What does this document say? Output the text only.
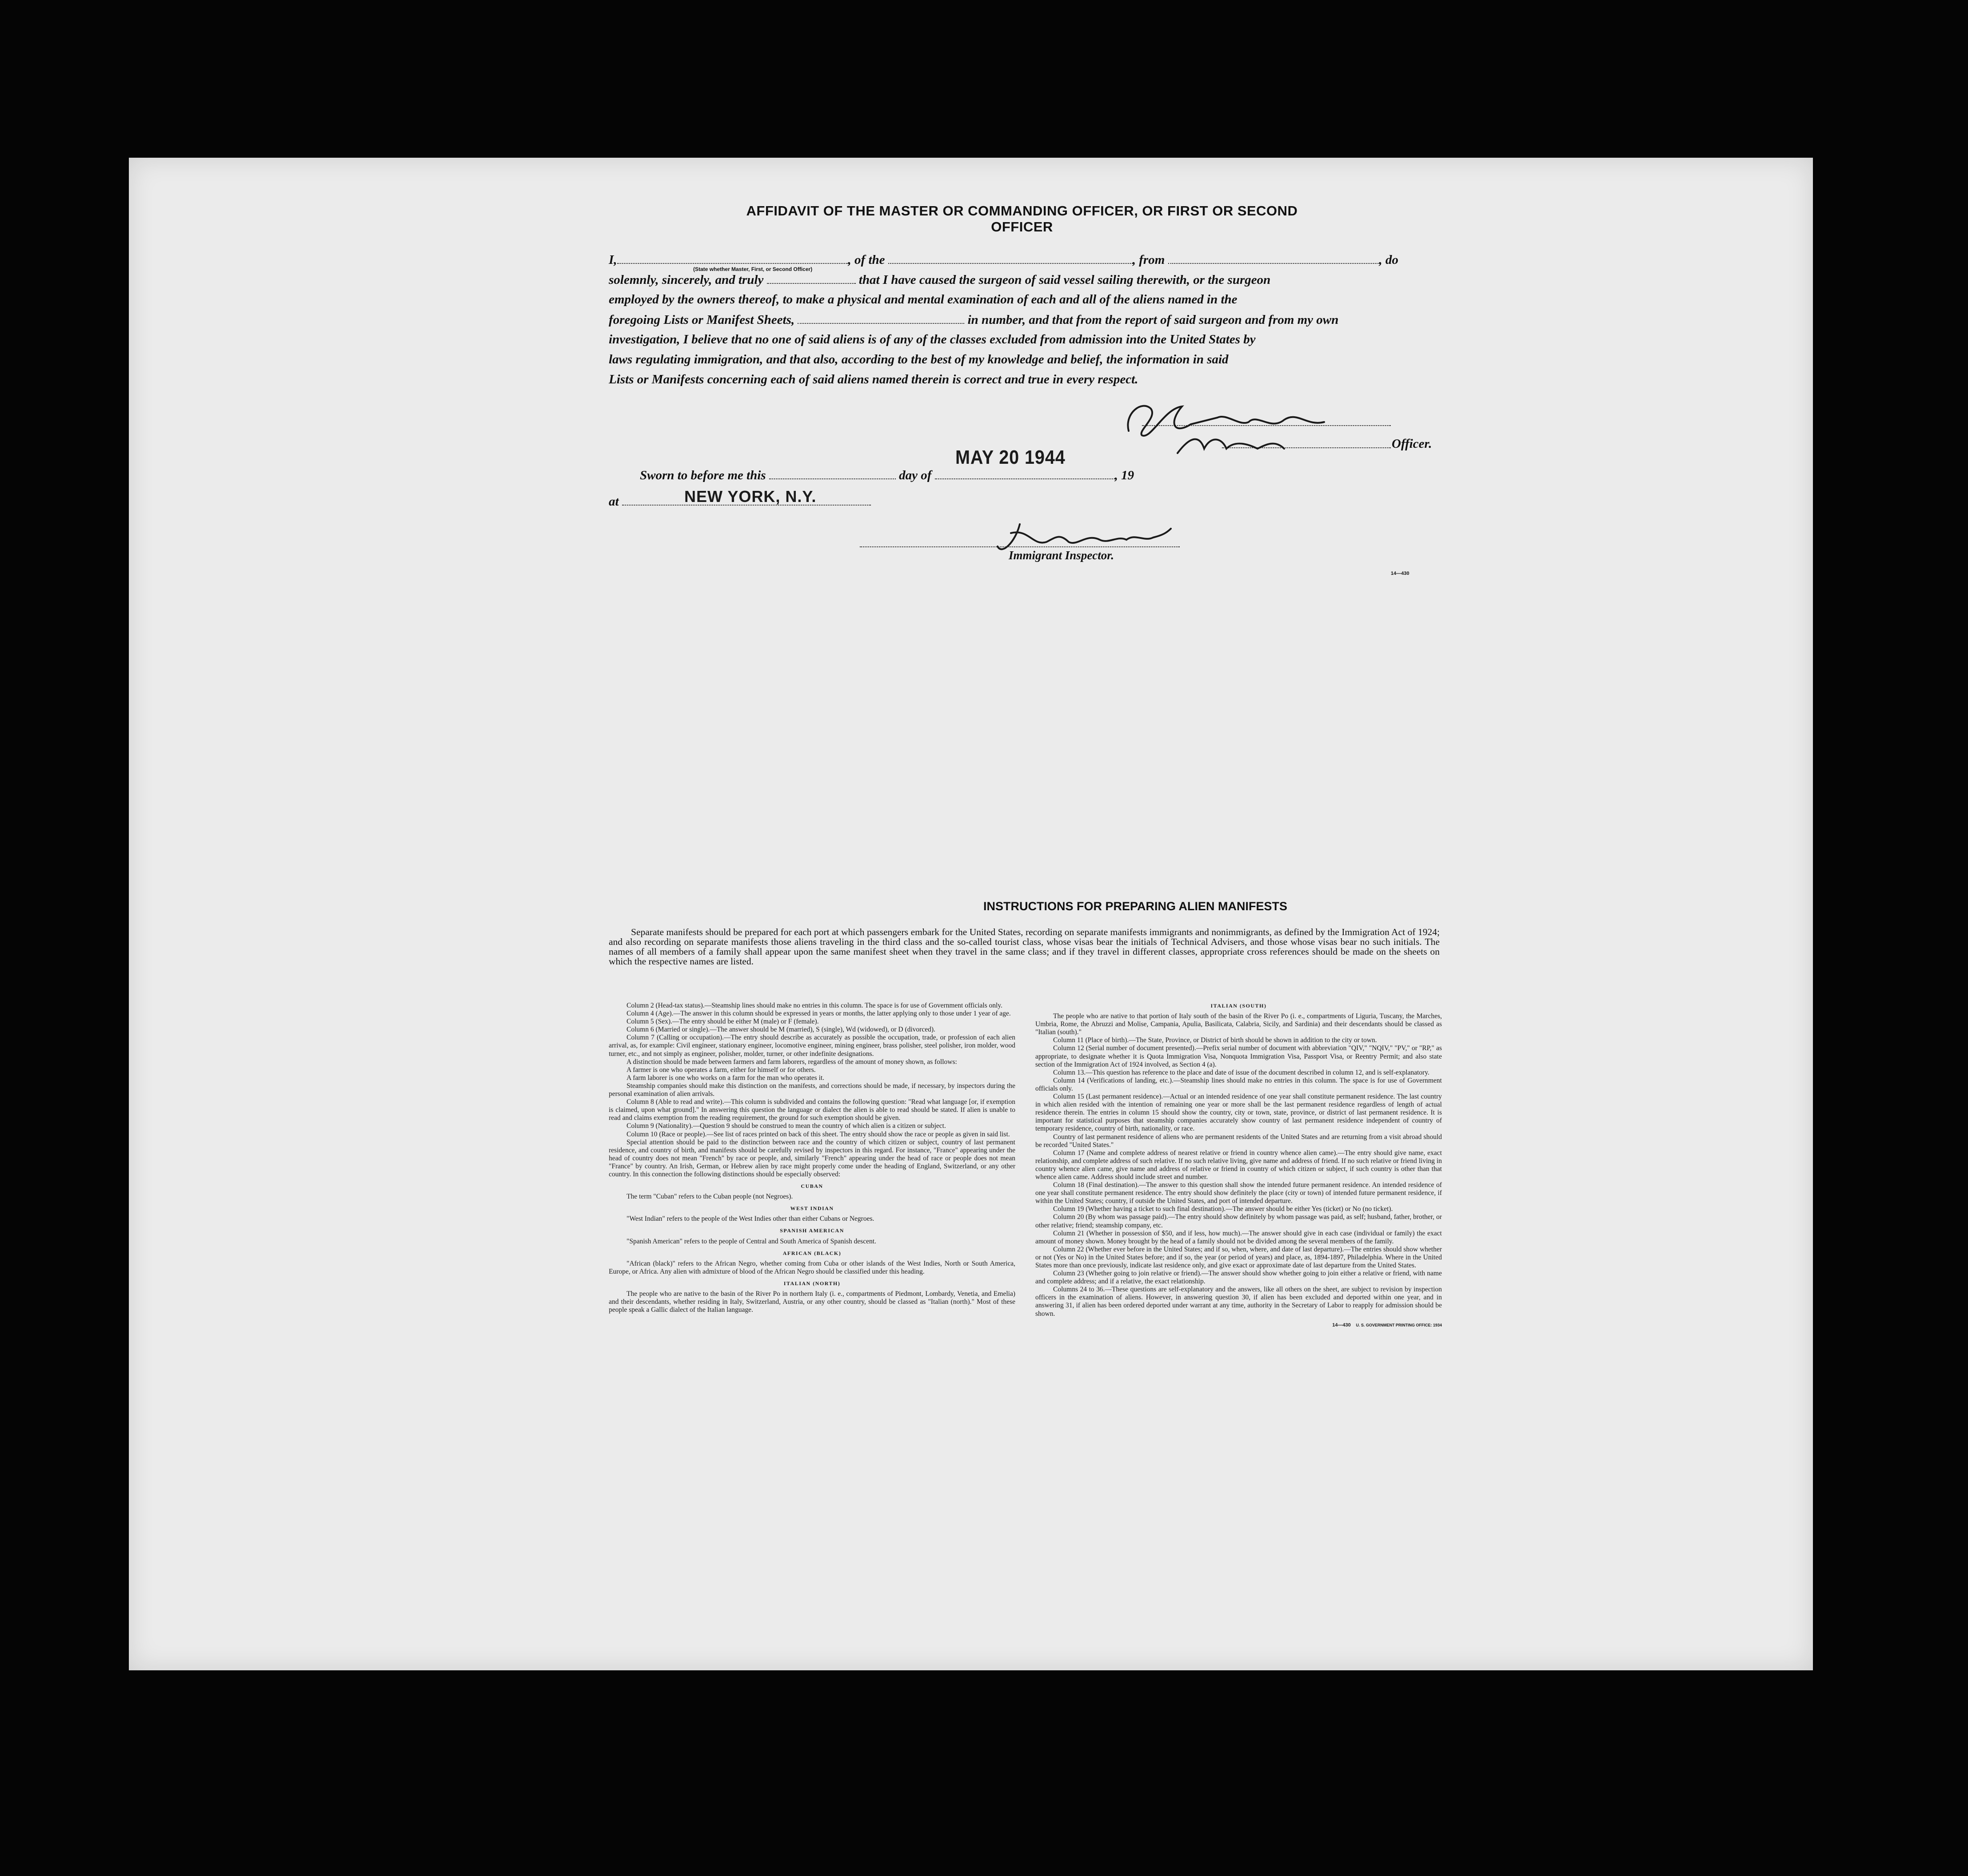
AFFIDAVIT OF THE MASTER OR COMMANDING OFFICER, OR FIRST OR SECOND OFFICER
I,	, of the	, from	, do
(State whether Master, First, or Second Officer)
solemnly, sincerely, and truly	that I have caused the surgeon of said vessel sailing therewith, or the surgeon
employed by the owners thereof, to make a physical and mental examination of each and all of the aliens named in the
foregoing Lists or Manifest Sheets,	in number, and that from the report of said surgeon and from my own
investigation, I believe that no one of said aliens is of any of the classes excluded from admission into the United States by
laws regulating immigration, and that also, according to the best of my knowledge and belief, the information in said
Lists or Manifests concerning each of said aliens named therein is correct and true in every respect.
Officer.
Sworn to before me this	day of	, 19
MAY 20 1944
at	NEW YORK, N.Y.
Immigrant Inspector.
14—430
INSTRUCTIONS FOR PREPARING ALIEN MANIFESTS
Separate manifests should be prepared for each port at which passengers embark for the United States, recording on separate manifests immigrants and nonimmigrants, as defined by the Immigration Act of 1924; and also recording on separate manifests those aliens traveling in the third class and the so-called tourist class, whose visas bear the initials of Technical Advisers, and those whose visas bear no such initials. The names of all members of a family shall appear upon the same manifest sheet when they travel in the same class; and if they travel in different classes, appropriate cross references should be made on the sheets on which the respective names are listed.

Column 2 (Head-tax status).—Steamship lines should make no entries in this column. The space is for use of Government officials only.

Column 4 (Age).—The answer in this column should be expressed in years or months, the latter applying only to those under 1 year of age.

Column 5 (Sex).—The entry should be either M (male) or F (female).

Column 6 (Married or single).—The answer should be M (married), S (single), Wd (widowed), or D (divorced).

Column 7 (Calling or occupation).—The entry should describe as accurately as possible the occupation, trade, or profession of each alien arrival, as, for example: Civil engineer, stationary engineer, locomotive engineer, mining engineer, brass polisher, steel polisher, iron molder, wood turner, etc., and not simply as engineer, polisher, molder, turner, or other indefinite designations.

A distinction should be made between farmers and farm laborers, regardless of the amount of money shown, as follows:

A farmer is one who operates a farm, either for himself or for others.

A farm laborer is one who works on a farm for the man who operates it.

Steamship companies should make this distinction on the manifests, and corrections should be made, if necessary, by inspectors during the personal examination of alien arrivals.

Column 8 (Able to read and write).—This column is subdivided and contains the following question: "Read what language [or, if exemption is claimed, upon what ground]." In answering this question the language or dialect the alien is able to read should be stated. If alien is unable to read and claims exemption from the reading requirement, the ground for such exemption should be given.

Column 9 (Nationality).—Question 9 should be construed to mean the country of which alien is a citizen or subject.

Column 10 (Race or people).—See list of races printed on back of this sheet. The entry should show the race or people as given in said list.

Special attention should be paid to the distinction between race and the country of which citizen or subject, country of last permanent residence, and country of birth, and manifests should be carefully revised by inspectors in this regard. For instance, "France" appearing under the head of country does not mean "French" by race or people, and, similarly "French" appearing under the head of race or people does not mean "France" by country. An Irish, German, or Hebrew alien by race might properly come under the heading of England, Switzerland, or any other country. In this connection the following distinctions should be especially observed:

CUBAN

The term "Cuban" refers to the Cuban people (not Negroes).

WEST INDIAN

"West Indian" refers to the people of the West Indies other than either Cubans or Negroes.

SPANISH AMERICAN

"Spanish American" refers to the people of Central and South America of Spanish descent.

AFRICAN (BLACK)

"African (black)" refers to the African Negro, whether coming from Cuba or other islands of the West Indies, North or South America, Europe, or Africa. Any alien with admixture of blood of the African Negro should be classified under this heading.

ITALIAN (NORTH)

The people who are native to the basin of the River Po in northern Italy (i. e., compartments of Piedmont, Lombardy, Venetia, and Emelia) and their descendants, whether residing in Italy, Switzerland, Austria, or any other country, should be classed as "Italian (north)." Most of these people speak a Gallic dialect of the Italian language.

ITALIAN (SOUTH)

The people who are native to that portion of Italy south of the basin of the River Po (i. e., compartments of Liguria, Tuscany, the Marches, Umbria, Rome, the Abruzzi and Molise, Campania, Apulia, Basilicata, Calabria, Sicily, and Sardinia) and their descendants should be classed as "Italian (south)."

Column 11 (Place of birth).—The State, Province, or District of birth should be shown in addition to the city or town.

Column 12 (Serial number of document presented).—Prefix serial number of document with abbreviation "QIV," "NQIV," "PV," or "RP," as appropriate, to designate whether it is Quota Immigration Visa, Nonquota Immigration Visa, Passport Visa, or Reentry Permit; and also state section of the Immigration Act of 1924 involved, as Section 4 (a).

Column 13.—This question has reference to the place and date of issue of the document described in column 12, and is self-explanatory.

Column 14 (Verifications of landing, etc.).—Steamship lines should make no entries in this column. The space is for use of Government officials only.

Column 15 (Last permanent residence).—Actual or an intended residence of one year shall constitute permanent residence. The last country in which alien resided with the intention of remaining one year or more shall be the last permanent residence regardless of length of actual residence therein. The entries in column 15 should show the country, city or town, state, province, or district of last permanent residence. It is important for statistical purposes that steamship companies accurately show country of last permanent residence independent of country of temporary residence, country of birth, nationality, or race.

Country of last permanent residence of aliens who are permanent residents of the United States and are returning from a visit abroad should be recorded "United States."

Column 17 (Name and complete address of nearest relative or friend in country whence alien came).—The entry should give name, exact relationship, and complete address of such relative. If no such relative living, give name and address of friend. If no such relative or friend living in country whence alien came, give name and address of relative or friend in country of which citizen or subject, if such country is other than that whence alien came. Address should include street and number.

Column 18 (Final destination).—The answer to this question shall show the intended future permanent residence. An intended residence of one year shall constitute permanent residence. The entry should show definitely the place (city or town) of intended future permanent residence, if within the United States; country, if outside the United States, and port of intended departure.

Column 19 (Whether having a ticket to such final destination).—The answer should be either Yes (ticket) or No (no ticket).

Column 20 (By whom was passage paid).—The entry should show definitely by whom passage was paid, as self; husband, father, brother, or other relative; friend; steamship company, etc.

Column 21 (Whether in possession of $50, and if less, how much).—The answer should give in each case (individual or family) the exact amount of money shown. Money brought by the head of a family should not be divided among the several members of the family.

Column 22 (Whether ever before in the United States; and if so, when, where, and date of last departure).—The entries should show whether or not (Yes or No) in the United States before; and if so, the year (or period of years) and place, as, 1894-1897, Philadelphia. Where in the United States more than once previously, indicate last residence only, and give exact or approximate date of last departure from the United States.

Column 23 (Whether going to join relative or friend).—The answer should show whether going to join either a relative or friend, with name and complete address; and if a relative, the exact relationship.

Columns 24 to 36.—These questions are self-explanatory and the answers, like all others on the sheet, are subject to revision by inspection officers in the examination of aliens. However, in answering question 30, if alien has been excluded and deported within one year, and in answering 31, if alien has been ordered deported under warrant at any time, authority in the Secretary of Labor to reapply for admission should be shown.

14—430 U. S. GOVERNMENT PRINTING OFFICE: 1934
